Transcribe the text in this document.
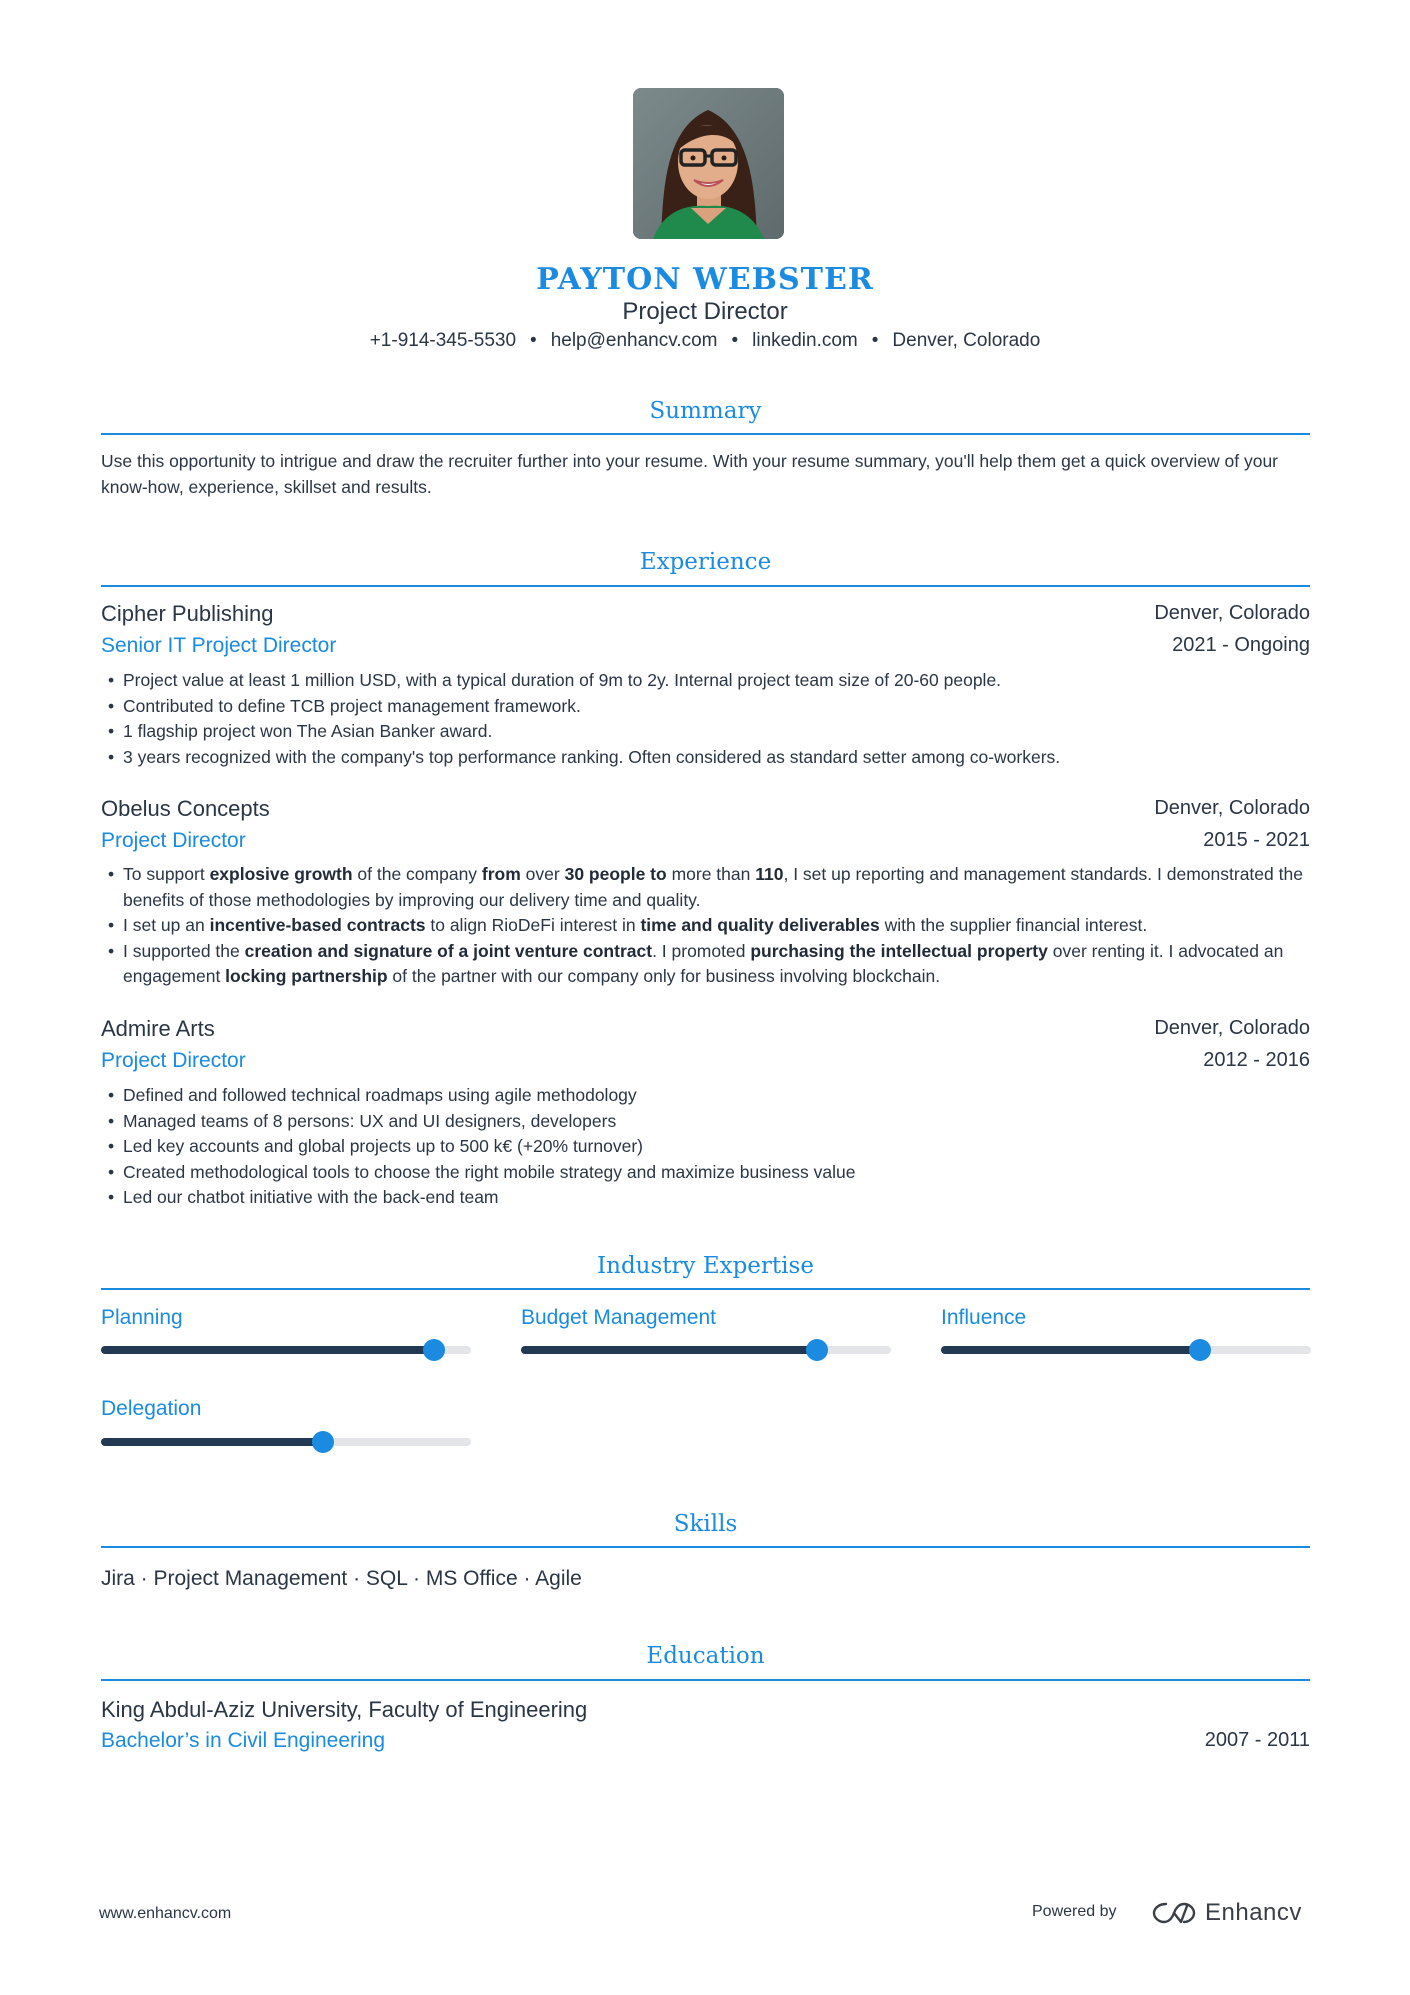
PAYTON WEBSTER
Project Director
+1-914-345-5530 • help@enhancv.com • linkedin.com • Denver, Colorado
Summary
Use this opportunity to intrigue and draw the recruiter further into your resume. With your resume summary, you'll help them get a quick overview of your know-how, experience, skillset and results.
Experience
Cipher Publishing	Denver, Colorado
Senior IT Project Director	2021 - Ongoing
• Project value at least 1 million USD, with a typical duration of 9m to 2y. Internal project team size of 20-60 people.
• Contributed to define TCB project management framework.
• 1 flagship project won The Asian Banker award.
• 3 years recognized with the company's top performance ranking. Often considered as standard setter among co-workers.
Obelus Concepts	Denver, Colorado
Project Director	2015 - 2021
• To support explosive growth of the company from over 30 people to more than 110, I set up reporting and management standards. I demonstrated the benefits of those methodologies by improving our delivery time and quality.
• I set up an incentive-based contracts to align RioDeFi interest in time and quality deliverables with the supplier financial interest.
• I supported the creation and signature of a joint venture contract. I promoted purchasing the intellectual property over renting it. I advocated an engagement locking partnership of the partner with our company only for business involving blockchain.
Admire Arts	Denver, Colorado
Project Director	2012 - 2016
• Defined and followed technical roadmaps using agile methodology
• Managed teams of 8 persons: UX and UI designers, developers
• Led key accounts and global projects up to 500 k€ (+20% turnover)
• Created methodological tools to choose the right mobile strategy and maximize business value
• Led our chatbot initiative with the back-end team
Industry Expertise
Planning	Budget Management	Influence
Delegation
Skills
Jira · Project Management · SQL · MS Office · Agile
Education
King Abdul-Aziz University, Faculty of Engineering
Bachelor’s in Civil Engineering	2007 - 2011
www.enhancv.com	Powered by	Enhancv
